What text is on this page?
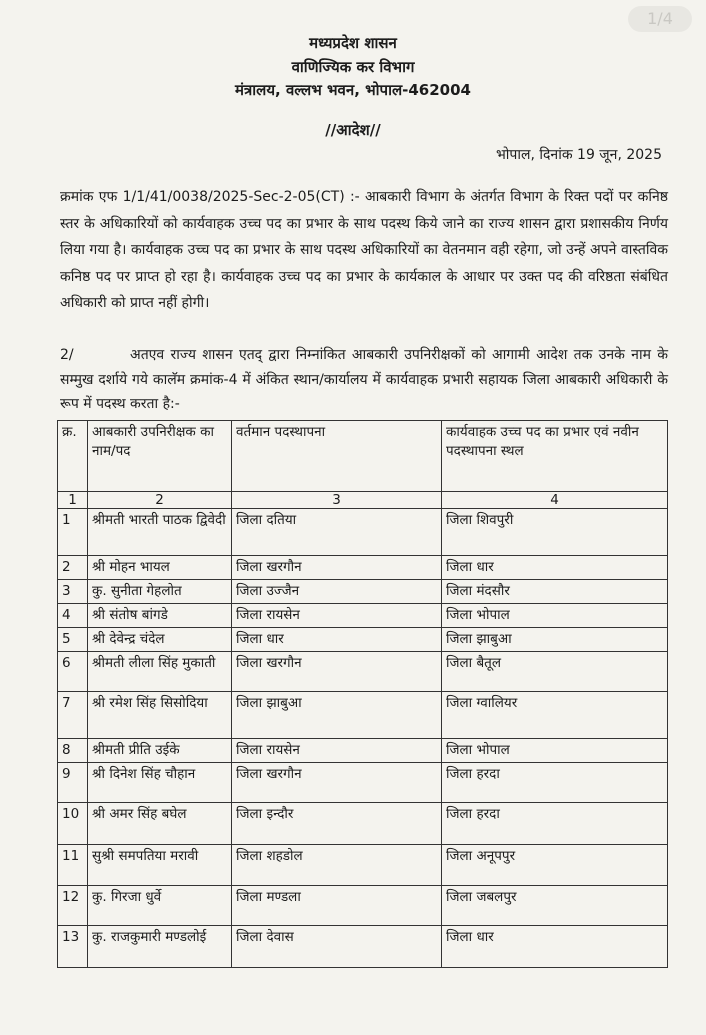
1/4
मध्यप्रदेश शासन
वाणिज्यिक कर विभाग
मंत्रालय, वल्लभ भवन, भोपाल-462004
//आदेश//
भोपाल, दिनांक 19 जून, 2025
क्रमांक एफ 1/1/41/0038/2025-Sec-2-05(CT) :- आबकारी विभाग के अंतर्गत विभाग के रिक्त पदों पर कनिष्ठ स्तर के अधिकारियों को कार्यवाहक उच्च पद का प्रभार के साथ पदस्थ किये जाने का राज्य शासन द्वारा प्रशासकीय निर्णय लिया गया है। कार्यवाहक उच्च पद का प्रभार के साथ पदस्थ अधिकारियों का वेतनमान वही रहेगा, जो उन्हें अपने वास्तविक कनिष्ठ पद पर प्राप्त हो रहा है। कार्यवाहक उच्च पद का प्रभार के कार्यकाल के आधार पर उक्त पद की वरिष्ठता संबंधित अधिकारी को प्राप्त नहीं होगी।
2/	अतएव राज्य शासन एतद् द्वारा निम्नांकित आबकारी उपनिरीक्षकों को आगामी आदेश तक उनके नाम के सम्मुख दर्शाये गये कालॅम क्रमांक-4 में अंकित स्थान/कार्यालय में कार्यवाहक प्रभारी सहायक जिला आबकारी अधिकारी के रूप में पदस्थ करता है:-
क्र.	आबकारी उपनिरीक्षक का नाम/पद	वर्तमान पदस्थापना	कार्यवाहक उच्च पद का प्रभार एवं नवीन पदस्थापना स्थल
1	2	3	4
1	श्रीमती भारती पाठक द्विवेदी	जिला दतिया	जिला शिवपुरी
2	श्री मोहन भायल	जिला खरगौन	जिला धार
3	कु. सुनीता गेहलोत	जिला उज्जैन	जिला मंदसौर
4	श्री संतोष बांगडे	जिला रायसेन	जिला भोपाल
5	श्री देवेन्द्र चंदेल	जिला धार	जिला झाबुआ
6	श्रीमती लीला सिंह मुकाती	जिला खरगौन	जिला बैतूल
7	श्री रमेश सिंह सिसोदिया	जिला झाबुआ	जिला ग्वालियर
8	श्रीमती प्रीति उईके	जिला रायसेन	जिला भोपाल
9	श्री दिनेश सिंह चौहान	जिला खरगौन	जिला हरदा
10	श्री अमर सिंह बघेल	जिला इन्दौर	जिला हरदा
11	सुश्री समपतिया मरावी	जिला शहडोल	जिला अनूपपुर
12	कु. गिरजा धुर्वे	जिला मण्डला	जिला जबलपुर
13	कु. राजकुमारी मण्डलोई	जिला देवास	जिला धार
